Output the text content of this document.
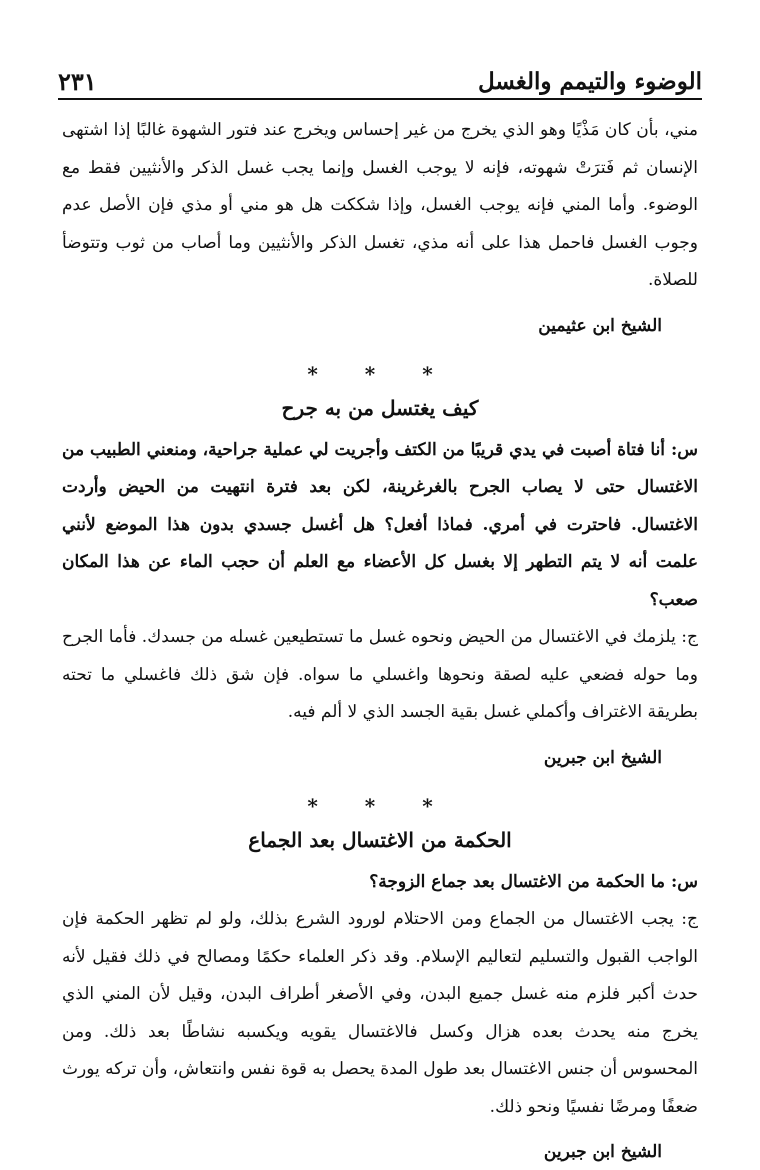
الوضوء والتيمم والغسل
٢٣١

مني، بأن كان مَذْيًا وهو الذي يخرج من غير إحساس ويخرج عند فتور الشهوة غالبًا إذا اشتهى الإنسان ثم فَترَتْ شهوته، فإنه لا يوجب الغسل وإنما يجب غسل الذكر والأنثيين فقط مع الوضوء. وأما المني فإنه يوجب الغسل، وإذا شككت هل هو مني أو مذي فإن الأصل عدم وجوب الغسل فاحمل هذا على أنه مذي، تغسل الذكر والأنثيين وما أصاب من ثوب وتتوضأ للصلاة.

الشيخ ابن عثيمين
* * *
كيف يغتسل من به جرح

س: أنا فتاة أصبت في يدي قريبًا من الكتف وأجريت لي عملية جراحية، ومنعني الطبيب من الاغتسال حتى لا يصاب الجرح بالغرغرينة، لكن بعد فترة انتهيت من الحيض وأردت الاغتسال. فاحترت في أمري. فماذا أفعل؟ هل أغسل جسدي بدون هذا الموضع لأنني علمت أنه لا يتم التطهر إلا بغسل كل الأعضاء مع العلم أن حجب الماء عن هذا المكان صعب؟

ج: يلزمك في الاغتسال من الحيض ونحوه غسل ما تستطيعين غسله من جسدك. فأما الجرح وما حوله فضعي عليه لصقة ونحوها واغسلي ما سواه. فإن شق ذلك فاغسلي ما تحته بطريقة الاغتراف وأكملي غسل بقية الجسد الذي لا ألم فيه.

الشيخ ابن جبرين
* * *
الحكمة من الاغتسال بعد الجماع

س: ما الحكمة من الاغتسال بعد جماع الزوجة؟

ج: يجب الاغتسال من الجماع ومن الاحتلام لورود الشرع بذلك، ولو لم تظهر الحكمة فإن الواجب القبول والتسليم لتعاليم الإسلام. وقد ذكر العلماء حكمًا ومصالح في ذلك فقيل لأنه حدث أكبر فلزم منه غسل جميع البدن، وفي الأصغر أطراف البدن، وقيل لأن المني الذي يخرج منه يحدث بعده هزال وكسل فالاغتسال يقويه ويكسبه نشاطًا بعد ذلك. ومن المحسوس أن جنس الاغتسال بعد طول المدة يحصل به قوة نفس وانتعاش، وأن تركه يورث ضعفًا ومرضًا نفسيًا ونحو ذلك.

الشيخ ابن جبرين
